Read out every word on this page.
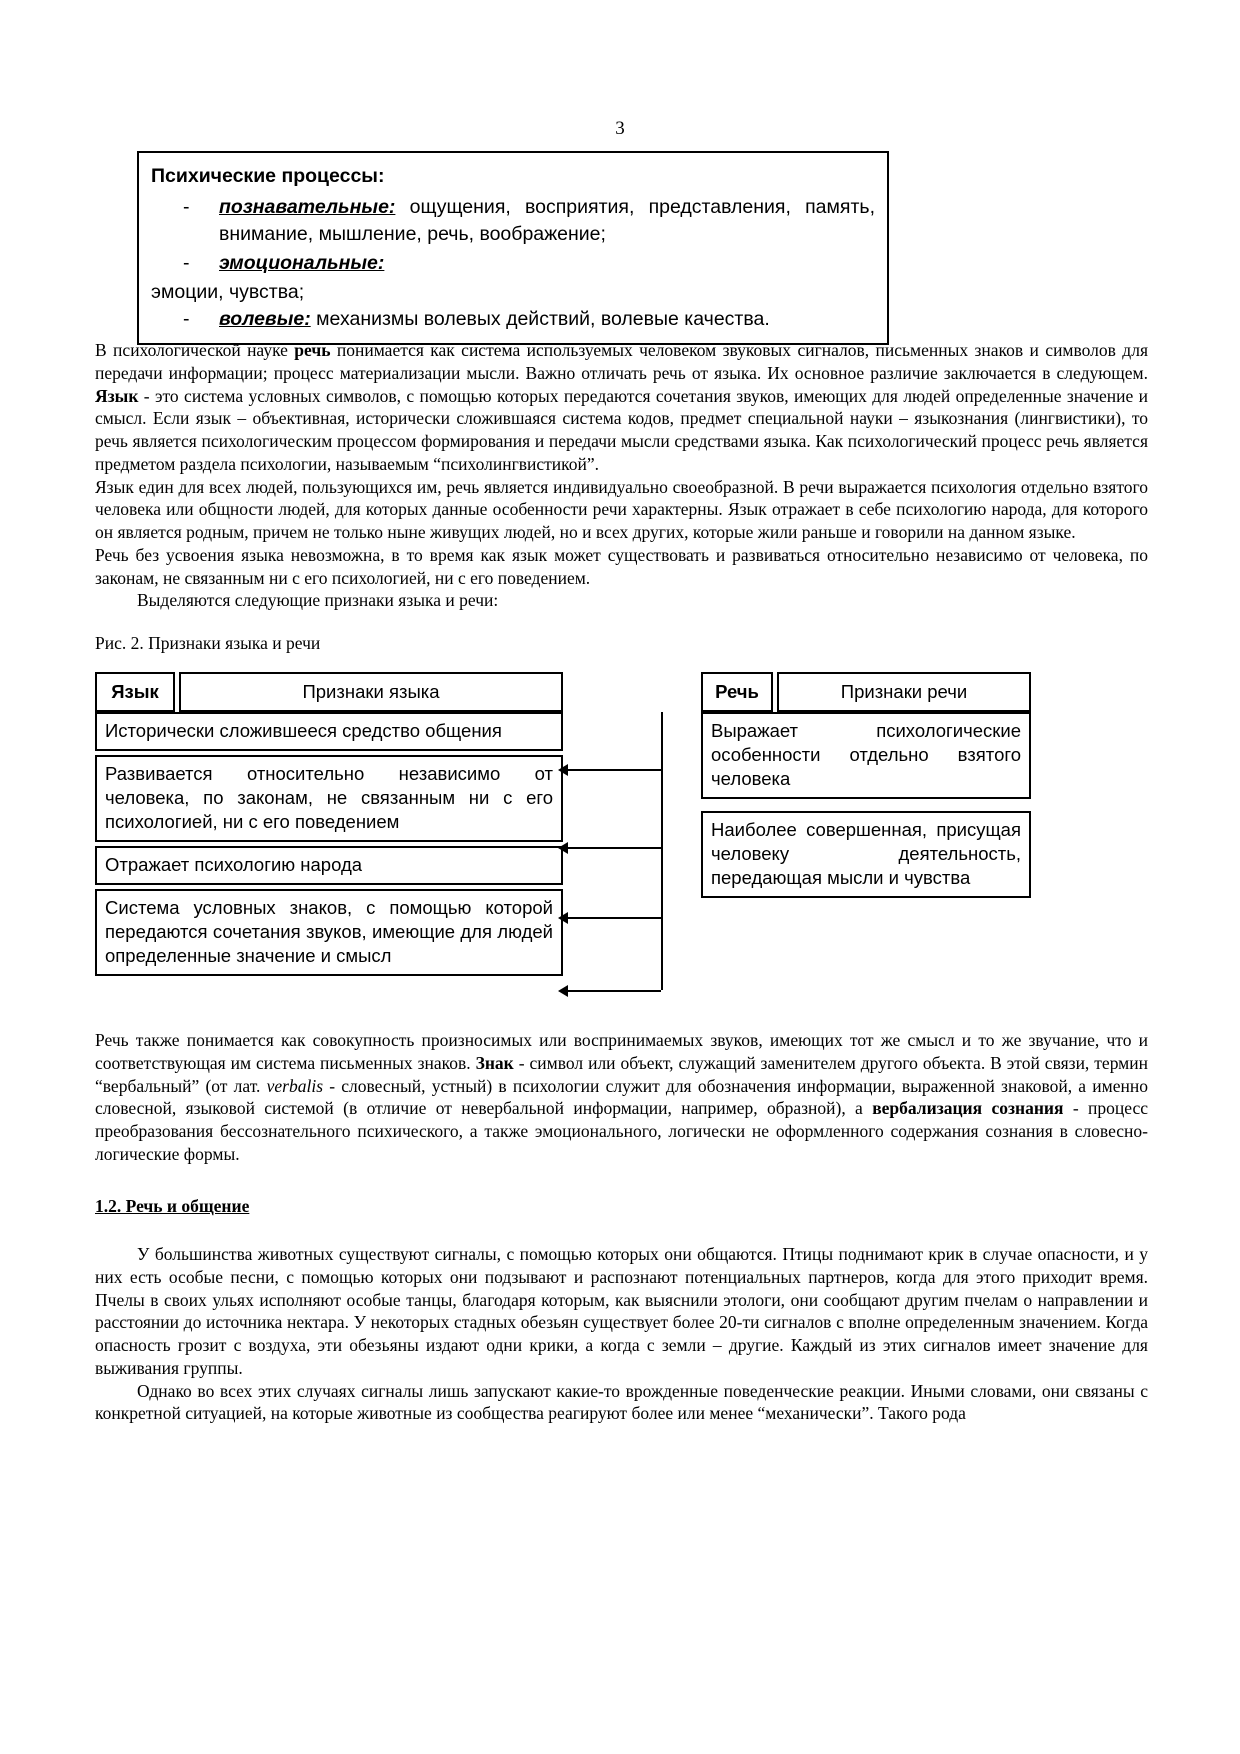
3
Психические процессы:
-	познавательные: ощущения, восприятия, представления, память, внимание, мышление, речь, воображение;
-	эмоциональные:
эмоции, чувства;
-	волевые: механизмы волевых действий, волевые качества.

В психологической науке речь понимается как система используемых человеком звуковых сигналов, письменных знаков и символов для передачи информации; процесс материализации мысли. Важно отличать речь от языка. Их основное различие заключается в следующем. Язык - это система условных символов, с помощью которых передаются сочетания звуков, имеющих для людей определенные значение и смысл. Если язык – объективная, исторически сложившаяся система кодов, предмет специальной науки – языкознания (лингвистики), то речь является психологическим процессом формирования и передачи мысли средствами языка. Как психологический процесс речь является предметом раздела психологии, называемым “психолингвистикой”.

Язык един для всех людей, пользующихся им, речь является индивидуально своеобразной. В речи выражается психология отдельно взятого человека или общности людей, для которых данные особенности речи характерны. Язык отражает в себе психологию народа, для которого он является родным, причем не только ныне живущих людей, но и всех других, которые жили раньше и говорили на данном языке.

Речь без усвоения языка невозможна, в то время как язык может существовать и развиваться относительно независимо от человека, по законам, не связанным ни с его психологией, ни с его поведением.

Выделяются следующие признаки языка и речи:

Рис. 2. Признаки языка и речи
Язык	Признаки языка
Исторически сложившееся средство общения
Развивается относительно независимо от человека, по законам, не связанным ни с его психологией, ни с его поведением
Отражает психологию народа
Система условных знаков, с помощью которой передаются сочетания звуков, имеющие для людей определенные значение и смысл
Речь	Признаки речи
Выражает психологические особенности отдельно взятого человека
Наиболее совершенная, присущая человеку деятельность, передающая мысли и чувства

Речь также понимается как совокупность произносимых или воспринимаемых звуков, имеющих тот же смысл и то же звучание, что и соответствующая им система письменных знаков. Знак - символ или объект, служащий заменителем другого объекта. В этой связи, термин “вербальный” (от лат. verbalis - словесный, устный) в психологии служит для обозначения информации, выраженной знаковой, а именно словесной, языковой системой (в отличие от невербальной информации, например, образной), а вербализация сознания - процесс преобразования бессознательного психического, а также эмоционального, логически не оформленного содержания сознания в словесно-логические формы.

1.2. Речь и общение

У большинства животных существуют сигналы, с помощью которых они общаются. Птицы поднимают крик в случае опасности, и у них есть особые песни, с помощью которых они подзывают и распознают потенциальных партнеров, когда для этого приходит время. Пчелы в своих ульях исполняют особые танцы, благодаря которым, как выяснили этологи, они сообщают другим пчелам о направлении и расстоянии до источника нектара. У некоторых стадных обезьян существует более 20-ти сигналов с вполне определенным значением. Когда опасность грозит с воздуха, эти обезьяны издают одни крики, а когда с земли – другие. Каждый из этих сигналов имеет значение для выживания группы.

Однако во всех этих случаях сигналы лишь запускают какие-то врожденные поведенческие реакции. Иными словами, они связаны с конкретной ситуацией, на которые животные из сообщества реагируют более или менее “механически”. Такого рода
